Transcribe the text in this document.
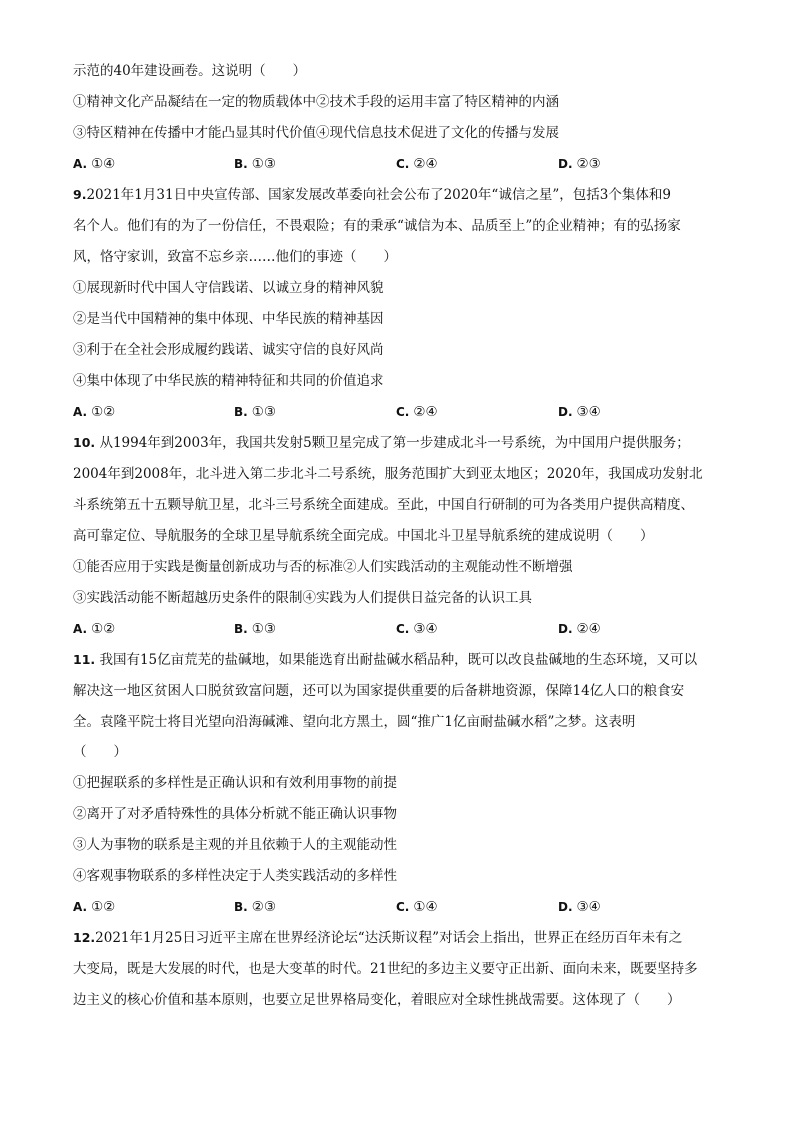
示范的40年建设画卷。这说明（　　）

①精神文化产品凝结在一定的物质载体中②技术手段的运用丰富了特区精神的内涵

③特区精神在传播中才能凸显其时代价值④现代信息技术促进了文化的传播与发展

A. ①④	B. ①③	C. ②④	D. ②③

9.2021年1月31日中央宣传部、国家发展改革委向社会公布了2020年“诚信之星”，包括3个集体和9

名个人。他们有的为了一份信任，不畏艰险；有的秉承“诚信为本、品质至上”的企业精神；有的弘扬家

风，恪守家训，致富不忘乡亲……他们的事迹（　　）

①展现新时代中国人守信践诺、以诚立身的精神风貌

②是当代中国精神的集中体现、中华民族的精神基因

③利于在全社会形成履约践诺、诚实守信的良好风尚

④集中体现了中华民族的精神特征和共同的价值追求

A. ①②	B. ①③	C. ②④	D. ③④

10. 从1994年到2003年，我国共发射5颗卫星完成了第一步建成北斗一号系统，为中国用户提供服务；

2004年到2008年，北斗进入第二步北斗二号系统，服务范围扩大到亚太地区；2020年，我国成功发射北

斗系统第五十五颗导航卫星，北斗三号系统全面建成。至此，中国自行研制的可为各类用户提供高精度、

高可靠定位、导航服务的全球卫星导航系统全面完成。中国北斗卫星导航系统的建成说明（　　）

①能否应用于实践是衡量创新成功与否的标准②人们实践活动的主观能动性不断增强

③实践活动能不断超越历史条件的限制④实践为人们提供日益完备的认识工具

A. ①②	B. ①③	C. ③④	D. ②④

11. 我国有15亿亩荒芜的盐碱地，如果能选育出耐盐碱水稻品种，既可以改良盐碱地的生态环境，又可以

解决这一地区贫困人口脱贫致富问题，还可以为国家提供重要的后备耕地资源，保障14亿人口的粮食安

全。袁隆平院士将目光望向沿海碱滩、望向北方黑土，圆“推广1亿亩耐盐碱水稻”之梦。这表明

（　　）

①把握联系的多样性是正确认识和有效利用事物的前提

②离开了对矛盾特殊性的具体分析就不能正确认识事物

③人为事物的联系是主观的并且依赖于人的主观能动性

④客观事物联系的多样性决定于人类实践活动的多样性

A. ①②	B. ②③	C. ①④	D. ③④

12.2021年1月25日习近平主席在世界经济论坛“达沃斯议程”对话会上指出，世界正在经历百年未有之

大变局，既是大发展的时代，也是大变革的时代。21世纪的多边主义要守正出新、面向未来，既要坚持多

边主义的核心价值和基本原则，也要立足世界格局变化，着眼应对全球性挑战需要。这体现了（　　）
